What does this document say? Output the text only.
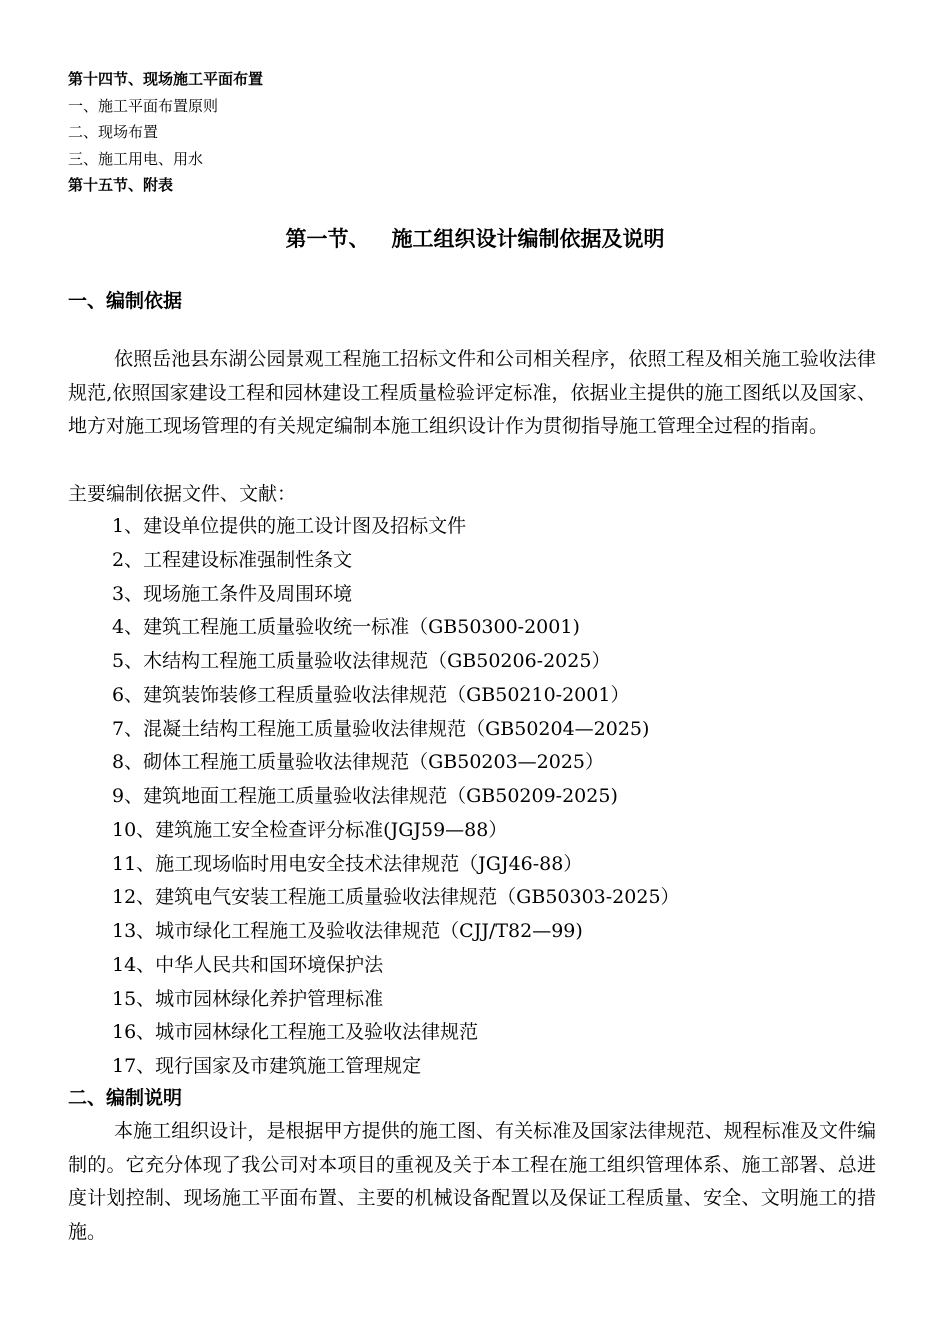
第十四节、现场施工平面布置
一、施工平面布置原则
二、现场布置
三、施工用电、用水
第十五节、附表
第一节、 施工组织设计编制依据及说明
一、编制依据
依照岳池县东湖公园景观工程施工招标文件和公司相关程序，依照工程及相关施工验收法律规范,依照国家建设工程和园林建设工程质量检验评定标准，依据业主提供的施工图纸以及国家、地方对施工现场管理的有关规定编制本施工组织设计作为贯彻指导施工管理全过程的指南。
主要编制依据文件、文献：
1、建设单位提供的施工设计图及招标文件
2、工程建设标准强制性条文
3、现场施工条件及周围环境
4、建筑工程施工质量验收统一标准（GB50300-2001)
5、木结构工程施工质量验收法律规范（GB50206-2025）
6、建筑装饰装修工程质量验收法律规范（GB50210-2001）
7、混凝土结构工程施工质量验收法律规范（GB50204—2025)
8、砌体工程施工质量验收法律规范（GB50203—2025）
9、建筑地面工程施工质量验收法律规范（GB50209-2025)
10、建筑施工安全检查评分标准(JGJ59—88）
11、施工现场临时用电安全技术法律规范（JGJ46-88）
12、建筑电气安装工程施工质量验收法律规范（GB50303-2025）
13、城市绿化工程施工及验收法律规范（CJJ/T82—99)
14、中华人民共和国环境保护法
15、城市园林绿化养护管理标准
16、城市园林绿化工程施工及验收法律规范
17、现行国家及市建筑施工管理规定
二、编制说明
本施工组织设计，是根据甲方提供的施工图、有关标准及国家法律规范、规程标准及文件编制的。它充分体现了我公司对本项目的重视及关于本工程在施工组织管理体系、施工部署、总进度计划控制、现场施工平面布置、主要的机械设备配置以及保证工程质量、安全、文明施工的措施。
